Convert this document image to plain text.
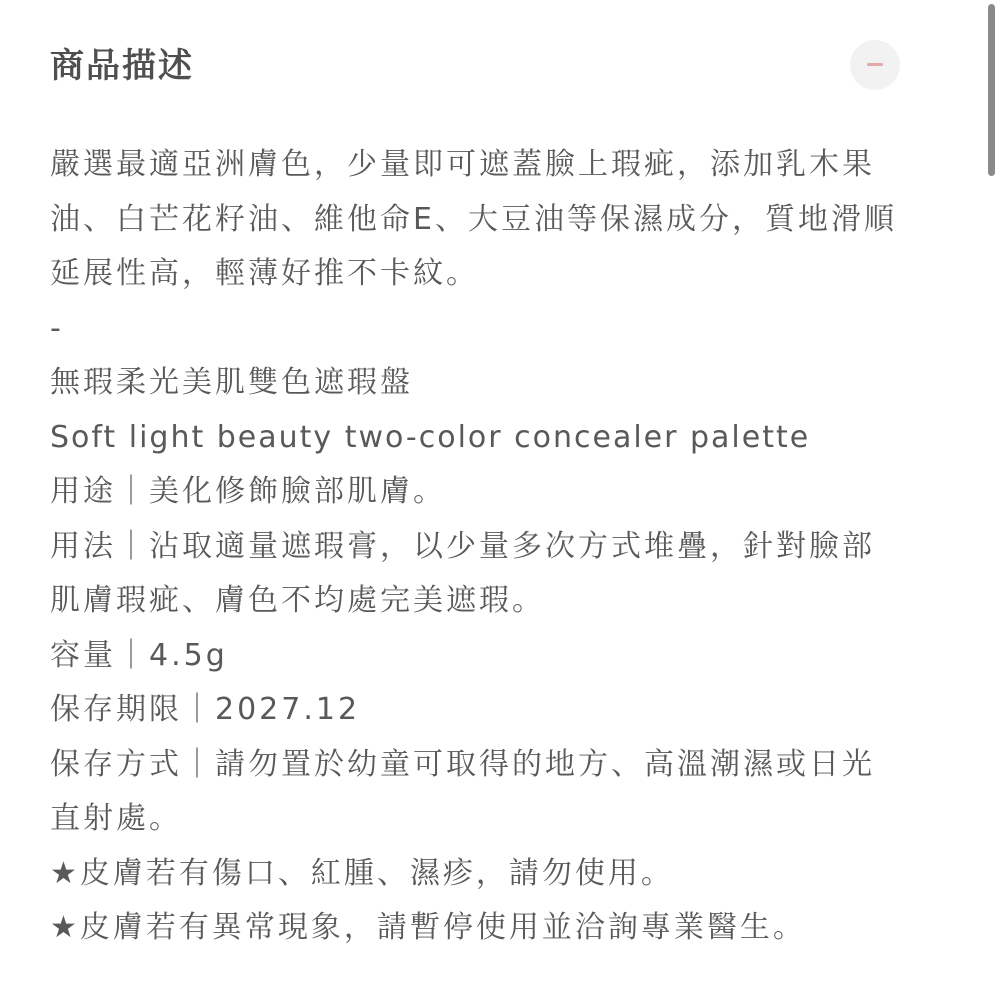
商品描述
嚴選最適亞洲膚色，少量即可遮蓋臉上瑕疵，添加乳木果
油、白芒花籽油、維他命E、大豆油等保濕成分，質地滑順
延展性高，輕薄好推不卡紋。
-
無瑕柔光美肌雙色遮瑕盤
Soft light beauty two-color concealer palette
用途｜美化修飾臉部肌膚。
用法｜沾取適量遮瑕膏，以少量多次方式堆疊，針對臉部
肌膚瑕疵、膚色不均處完美遮瑕。
容量｜4.5g
保存期限｜2027.12
保存方式｜請勿置於幼童可取得的地方、高溫潮濕或日光
直射處。
★皮膚若有傷口、紅腫、濕疹，請勿使用。
★皮膚若有異常現象，請暫停使用並洽詢專業醫生。
